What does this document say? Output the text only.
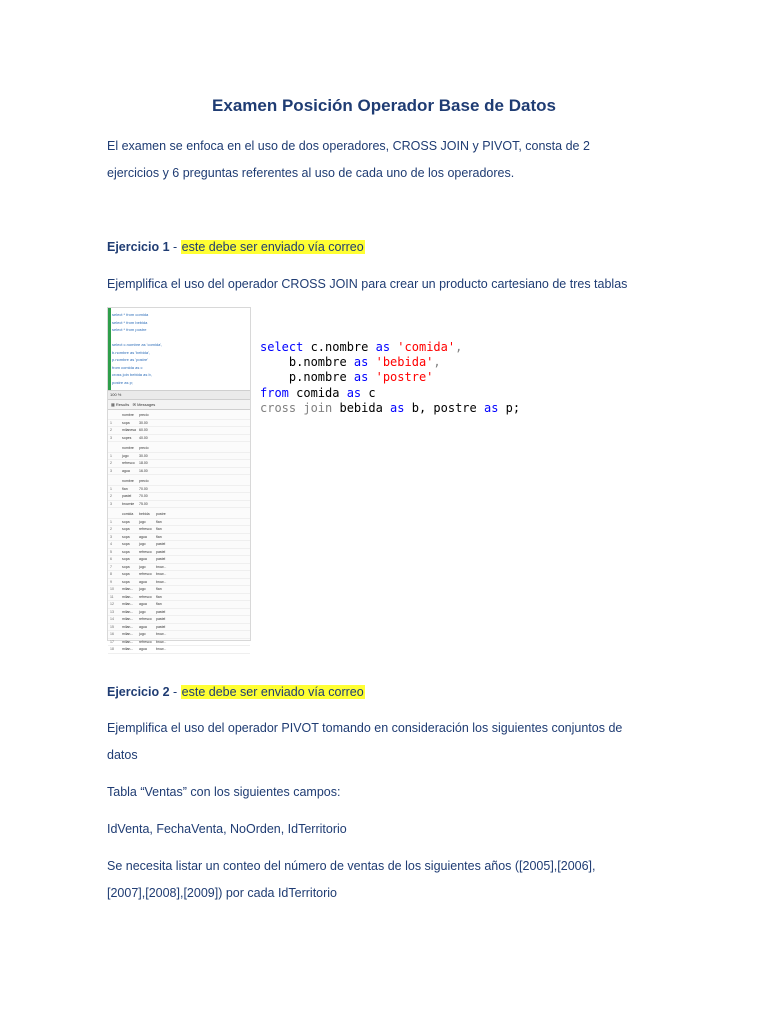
Examen Posición Operador Base de Datos
El examen se enfoca en el uso de dos operadores, CROSS JOIN y PIVOT, consta de 2
ejercicios y 6 preguntas referentes al uso de cada uno de los operadores.
Ejercicio 1 - este debe ser enviado vía correo
Ejemplifica el uso del operador CROSS JOIN para crear un producto cartesiano de tres tablas
select * from comida
select * from bebida
select * from postre
select c.nombre as 'comida',
b.nombre as 'bebida',
p.nombre as 'postre'
from comida as c
cross join bebida as b,
postre as p;
100 %
▦ Results ✉ Messages
nombre precio
1	sopa	30.00
2	milanesa 60.00
3	sopes 40.00
nombre precio
1	jugo	30.00
2	refresco 18.00
3	agua	16.00
nombre precio
1	flan	70.00
2	pastel 70.00
3	brownie 75.00
comida bebida postre
1	sopa	jugo	flan
2	sopa	refresco flan
3	sopa	agua	flan
4	sopa	jugo	pastel
5	sopa	refresco pastel
6	sopa	agua	pastel
7	sopa	jugo	brow...
8	sopa	refresco brow...
9	sopa	agua	brow...
10 milan... jugo	flan
11 milan... refresco flan
12 milan... agua	flan
13 milan... jugo	pastel
14 milan... refresco pastel
15 milan... agua	pastel
16 milan... jugo	brow...
17 milan... refresco brow...
18 milan... agua	brow...
select c.nombre as 'comida',
b.nombre as 'bebida',
p.nombre as 'postre'
from comida as c
cross join bebida as b, postre as p;
Ejercicio 2 - este debe ser enviado vía correo
Ejemplifica el uso del operador PIVOT tomando en consideración los siguientes conjuntos de
datos
Tabla “Ventas” con los siguientes campos:
IdVenta, FechaVenta, NoOrden, IdTerritorio
Se necesita listar un conteo del número de ventas de los siguientes años ([2005],[2006],
[2007],[2008],[2009]) por cada IdTerritorio
